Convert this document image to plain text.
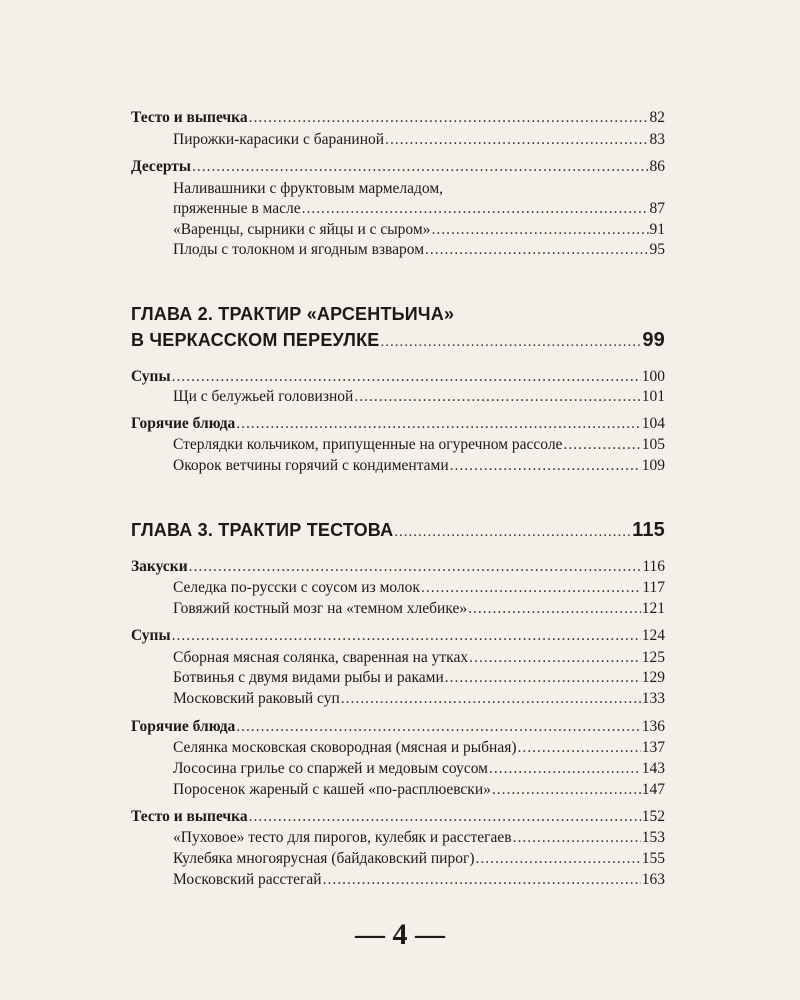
Тесто и выпечка .....	82
Пирожки-карасики с бараниной .....	83
Десерты .....	86
Наливашники с фруктовым мармеладом,
пряженные в масле .....	87
«Варенцы, сырники с яйцы и с сыром» .....	91
Плоды с толокном и ягодным взваром .....	95
ГЛАВА 2. ТРАКТИР «АРСЕНТЬИЧА»
В ЧЕРКАССКОМ ПЕРЕУЛКЕ .....	99
Супы .....	100
Щи с белужьей головизной .....	101
Горячие блюда .....	104
Стерлядки кольчиком, припущенные на огуречном рассоле .....	105
Окорок ветчины горячий с кондиментами .....	109
ГЛАВА 3. ТРАКТИР ТЕСТОВА .....	115
Закуски .....	116
Селедка по-русски с соусом из молок .....	117
Говяжий костный мозг на «темном хлебике» .....	121
Супы .....	124
Сборная мясная солянка, сваренная на утках .....	125
Ботвинья с двумя видами рыбы и раками .....	129
Московский раковый суп .....	133
Горячие блюда .....	136
Селянка московская сковородная (мясная и рыбная) .....	137
Лососина грилье со спаржей и медовым соусом .....	143
Поросенок жареный с кашей «по-расплюевски» .....	147
Тесто и выпечка .....	152
«Пуховое» тесто для пирогов, кулебяк и расстегаев .....	153
Кулебяка многоярусная (байдаковский пирог) .....	155
Московский расстегай .....	163
— 4 —
